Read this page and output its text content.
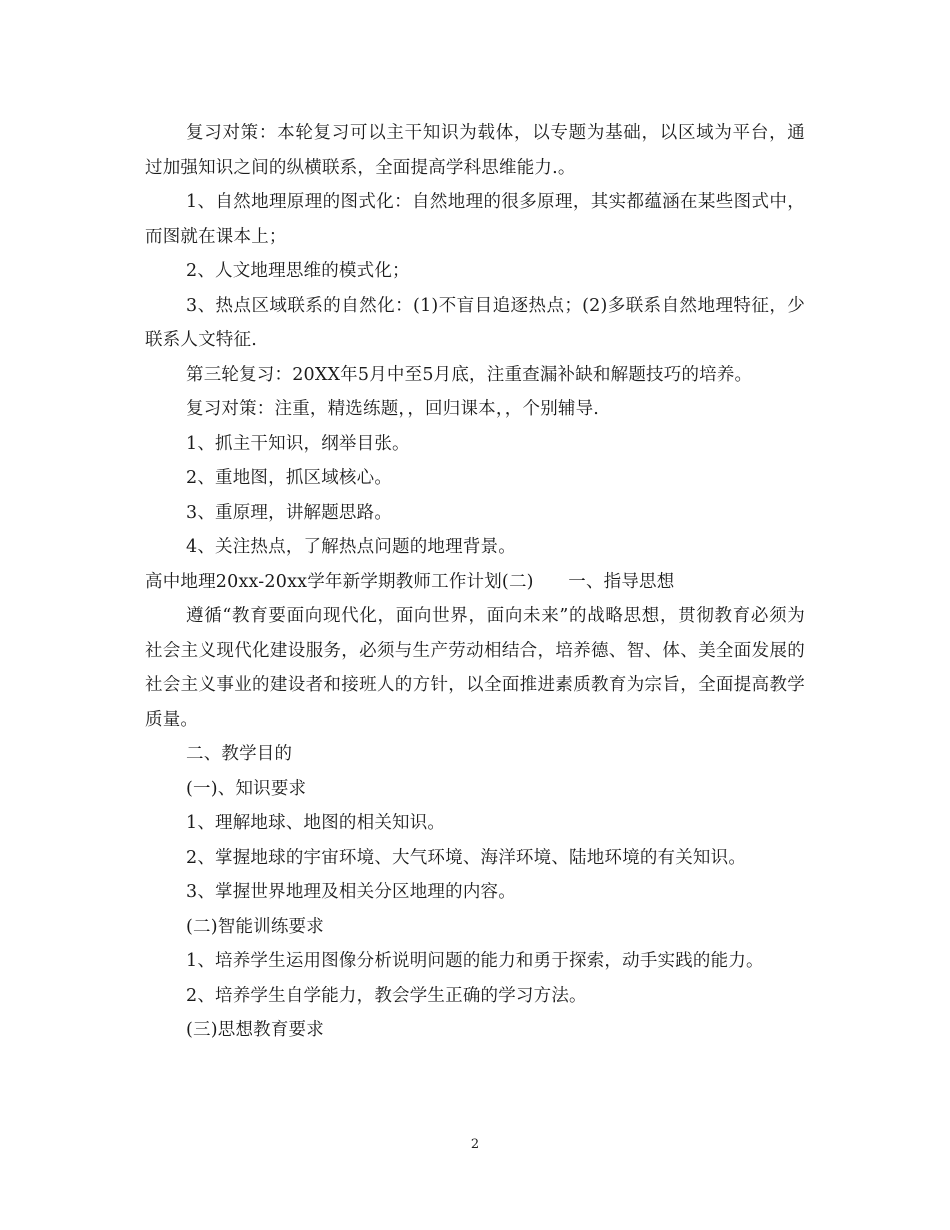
复习对策：本轮复习可以主干知识为载体，以专题为基础，以区域为平台，通过加强知识之间的纵横联系，全面提高学科思维能力.。

1、自然地理原理的图式化：自然地理的很多原理，其实都蕴涵在某些图式中，而图就在课本上；

2、人文地理思维的模式化；

3、热点区域联系的自然化：(1)不盲目追逐热点；(2)多联系自然地理特征，少联系人文特征.

第三轮复习：20XX年5月中至5月底，注重查漏补缺和解题技巧的培养。

复习对策：注重，精选练题，，回归课本，，个别辅导.

1、抓主干知识，纲举目张。

2、重地图，抓区域核心。

3、重原理，讲解题思路。

4、关注热点，了解热点问题的地理背景。

高中地理20xx-20xx学年新学期教师工作计划(二)      一、指导思想

遵循“教育要面向现代化，面向世界，面向未来”的战略思想，贯彻教育必须为社会主义现代化建设服务，必须与生产劳动相结合，培养德、智、体、美全面发展的社会主义事业的建设者和接班人的方针，以全面推进素质教育为宗旨，全面提高教学质量。

二、教学目的

(一)、知识要求

1、理解地球、地图的相关知识。

2、掌握地球的宇宙环境、大气环境、海洋环境、陆地环境的有关知识。

3、掌握世界地理及相关分区地理的内容。

(二)智能训练要求

1、培养学生运用图像分析说明问题的能力和勇于探索，动手实践的能力。

2、培养学生自学能力，教会学生正确的学习方法。

(三)思想教育要求

2
